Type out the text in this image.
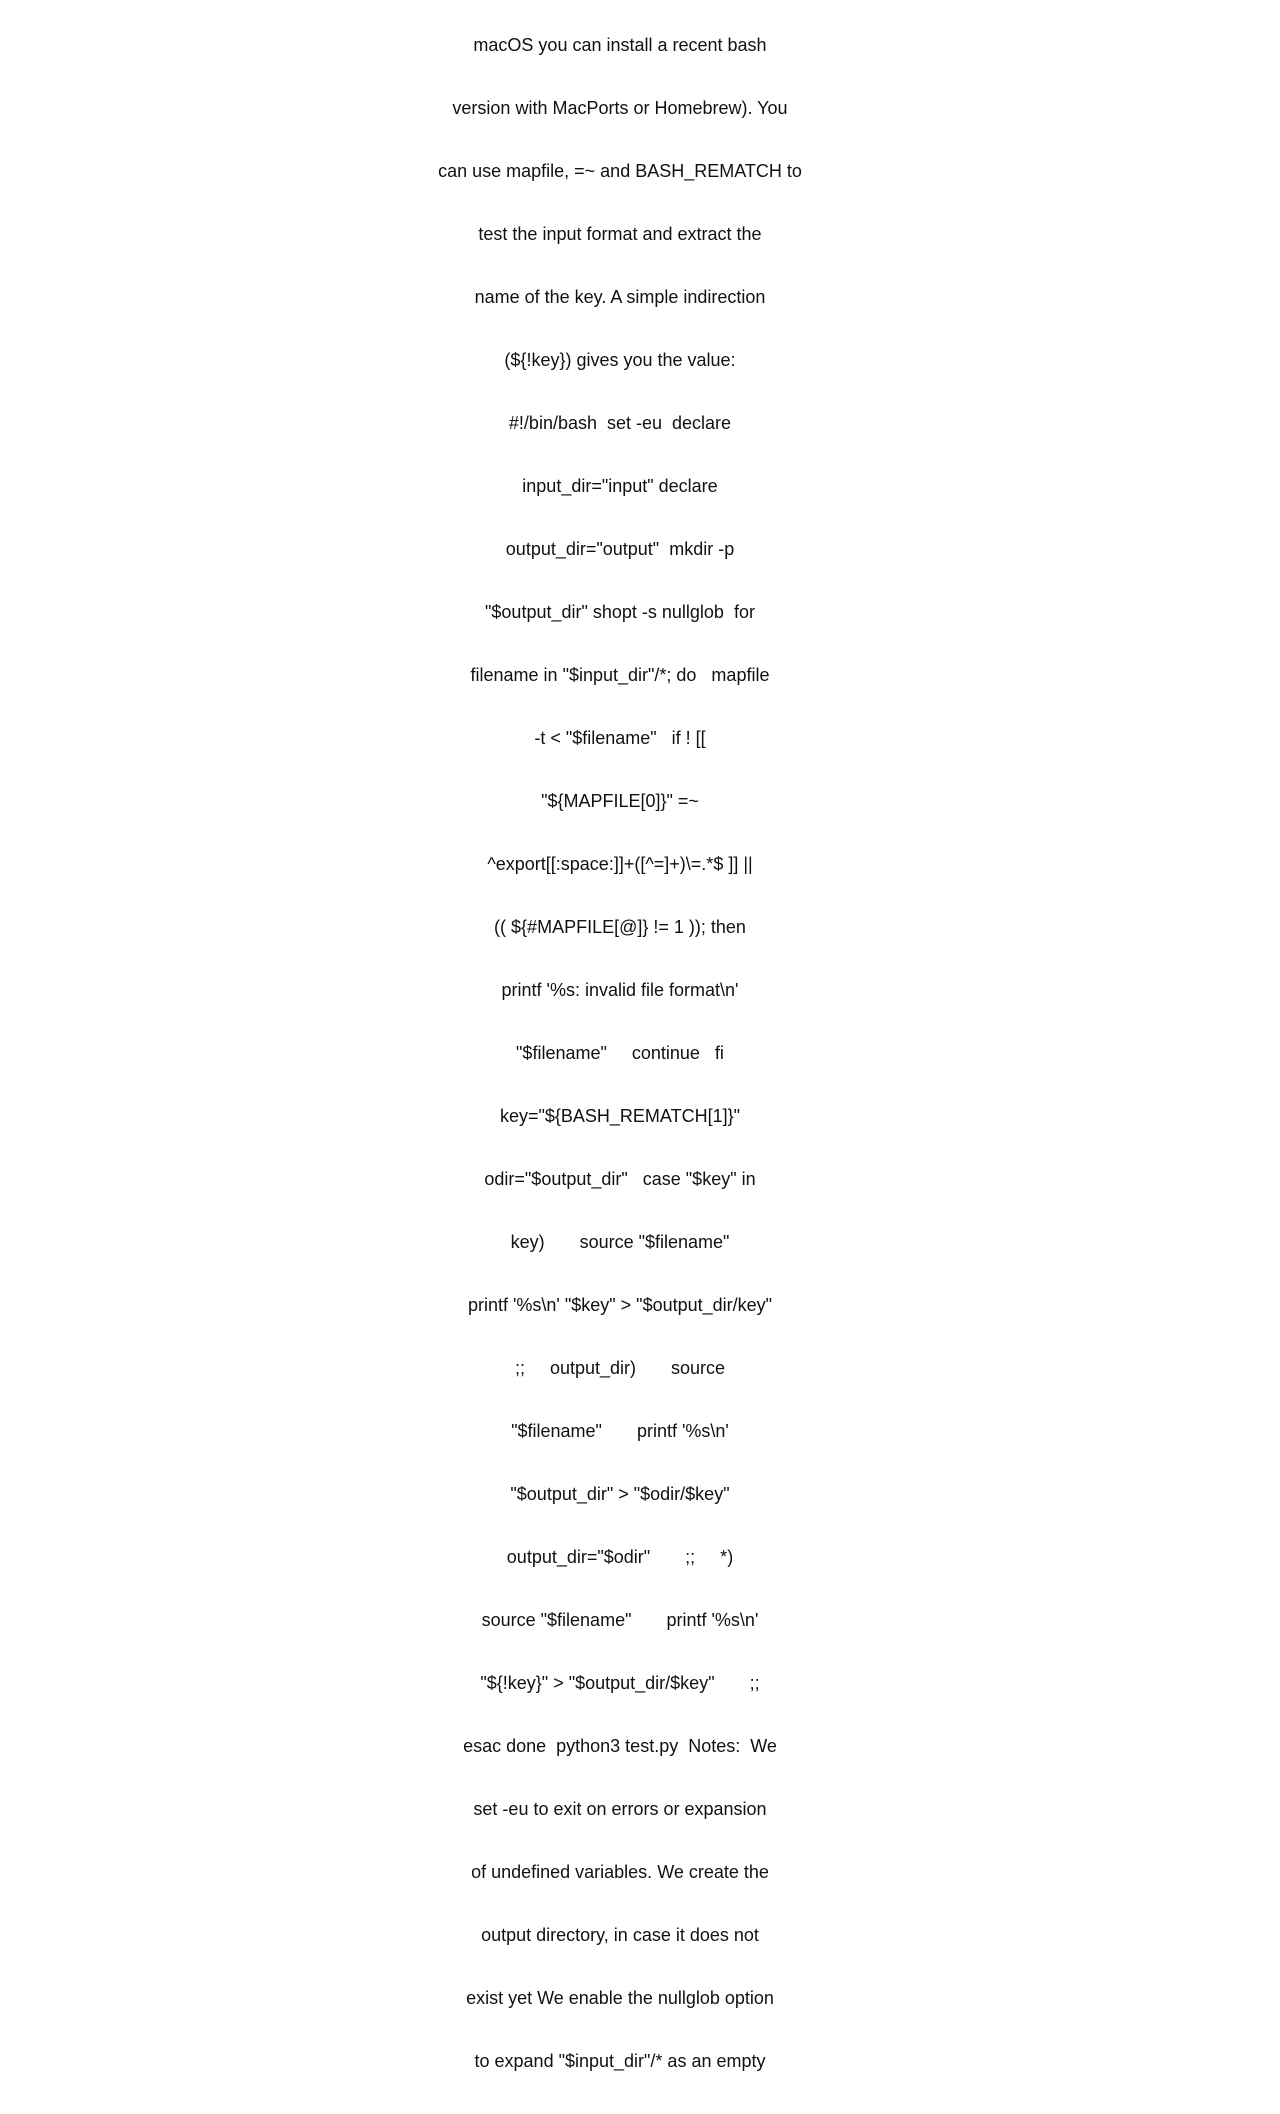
macOS you can install a recent bash

version with MacPorts or Homebrew). You

can use mapfile, =~ and BASH_REMATCH to

test the input format and extract the

name of the key. A simple indirection

(${!key}) gives you the value:

#!/bin/bash  set -eu  declare

input_dir="input" declare

output_dir="output"  mkdir -p

"$output_dir" shopt -s nullglob  for

filename in "$input_dir"/*; do   mapfile

-t < "$filename"   if ! [[

"${MAPFILE[0]}" =~

^export[[:space:]]+([^=]+)\=.*$ ]] ||

(( ${#MAPFILE[@]} != 1 )); then

printf '%s: invalid file format\n'

"$filename"     continue   fi

key="${BASH_REMATCH[1]}"

odir="$output_dir"   case "$key" in

key)       source "$filename"

printf '%s\n' "$key" > "$output_dir/key"

;;     output_dir)       source

"$filename"       printf '%s\n'

"$output_dir" > "$odir/$key"

output_dir="$odir"       ;;     *)

source "$filename"       printf '%s\n'

"${!key}" > "$output_dir/$key"       ;;

esac done  python3 test.py  Notes:  We

set -eu to exit on errors or expansion

of undefined variables. We create the

output directory, in case it does not

exist yet We enable the nullglob option

to expand "$input_dir"/* as an empty
